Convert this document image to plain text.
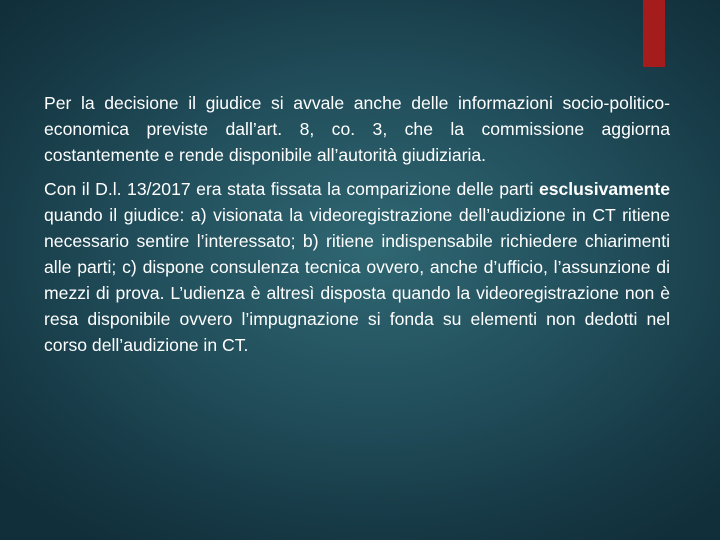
Per la decisione il giudice si avvale anche delle informazioni socio-politico-economica previste dall’art. 8, co. 3, che la commissione aggiorna costantemente e rende disponibile all’autorità giudiziaria.

Con il D.l. 13/2017 era stata fissata la comparizione delle parti esclusivamente quando il giudice: a) visionata la videoregistrazione dell’audizione in CT ritiene necessario sentire l’interessato; b) ritiene indispensabile richiedere chiarimenti alle parti; c) dispone consulenza tecnica ovvero, anche d’ufficio, l’assunzione di mezzi di prova. L’udienza è altresì disposta quando la videoregistrazione non è resa disponibile ovvero l’impugnazione si fonda su elementi non dedotti nel corso dell’audizione in CT.
